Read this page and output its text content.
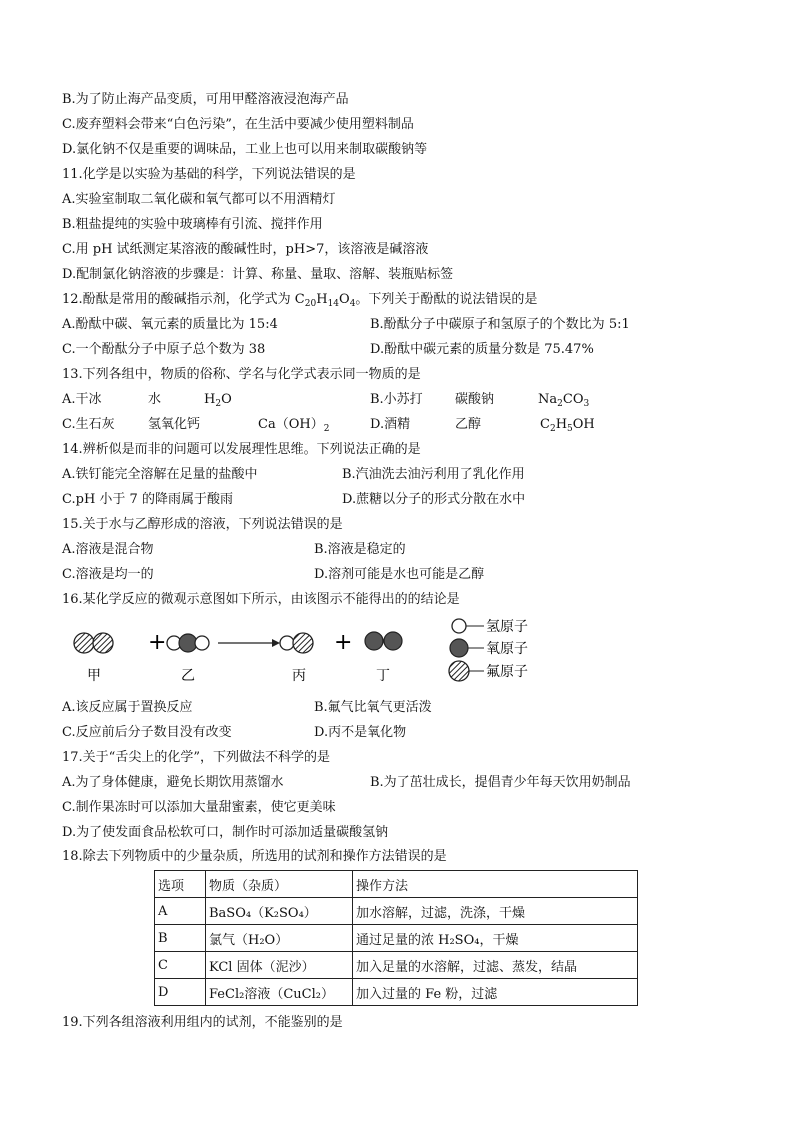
B.为了防止海产品变质，可用甲醛溶液浸泡海产品
C.废弃塑料会带来“白色污染”，在生活中要减少使用塑料制品
D.氯化钠不仅是重要的调味品，工业上也可以用来制取碳酸钠等
11.化学是以实验为基础的科学，下列说法错误的是
A.实验室制取二氧化碳和氧气都可以不用酒精灯
B.粗盐提纯的实验中玻璃棒有引流、搅拌作用
C.用 pH 试纸测定某溶液的酸碱性时，pH>7，该溶液是碱溶液
D.配制氯化钠溶液的步骤是：计算、称量、量取、溶解、装瓶贴标签
12.酚酞是常用的酸碱指示剂，化学式为 $C_{20}H_{14}O_4$。下列关于酚酞的说法错误的是
A.酚酞中碳、氧元素的质量比为 15:4	B.酚酞分子中碳原子和氢原子的个数比为 5:1
C.一个酚酞分子中原子总个数为 38	D.酚酞中碳元素的质量分数是 75.47%
13.下列各组中，物质的俗称、学名与化学式表示同一物质的是
A.干冰	水	$H_2O$	B.小苏打 碳酸钠	$Na_2CO_3$
C.生石灰	氢氧化钙	$Ca(OH)_2$	D.酒精	乙醇	$C_2H_5OH$
14.辨析似是而非的问题可以发展理性思维。下列说法正确的是
A.铁钉能完全溶解在足量的盐酸中	B.汽油洗去油污利用了乳化作用
C.pH 小于 7 的降雨属于酸雨	D.蔗糖以分子的形式分散在水中
15.关于水与乙醇形成的溶液，下列说法错误的是
A.溶液是混合物	B.溶液是稳定的
C.溶液是均一的	D.溶剂可能是水也可能是乙醇
16.某化学反应的微观示意图如下所示，由该图示不能得出的的结论是
+	+
甲	乙	丙	丁
氢原子
氧原子
氟原子
A.该反应属于置换反应	B.氟气比氧气更活泼
C.反应前后分子数目没有改变	D.丙不是氧化物
17.关于“舌尖上的化学”，下列做法不科学的是
A.为了身体健康，避免长期饮用蒸馏水	B.为了茁壮成长，提倡青少年每天饮用奶制品
C.制作果冻时可以添加大量甜蜜素，使它更美味
D.为了使发面食品松软可口，制作时可添加适量碳酸氢钠
18.除去下列物质中的少量杂质，所选用的试剂和操作方法错误的是
选项	物质（杂质）	操作方法
A	BaSO₄（K₂SO₄）	加水溶解，过滤，洗涤，干燥
B	氯气（H₂O）	通过足量的浓 H₂SO₄，干燥
C	KCl 固体（泥沙）	加入足量的水溶解，过滤、蒸发，结晶
D	FeCl₂溶液（CuCl₂）	加入过量的 Fe 粉，过滤
19.下列各组溶液利用组内的试剂，不能鉴别的是
